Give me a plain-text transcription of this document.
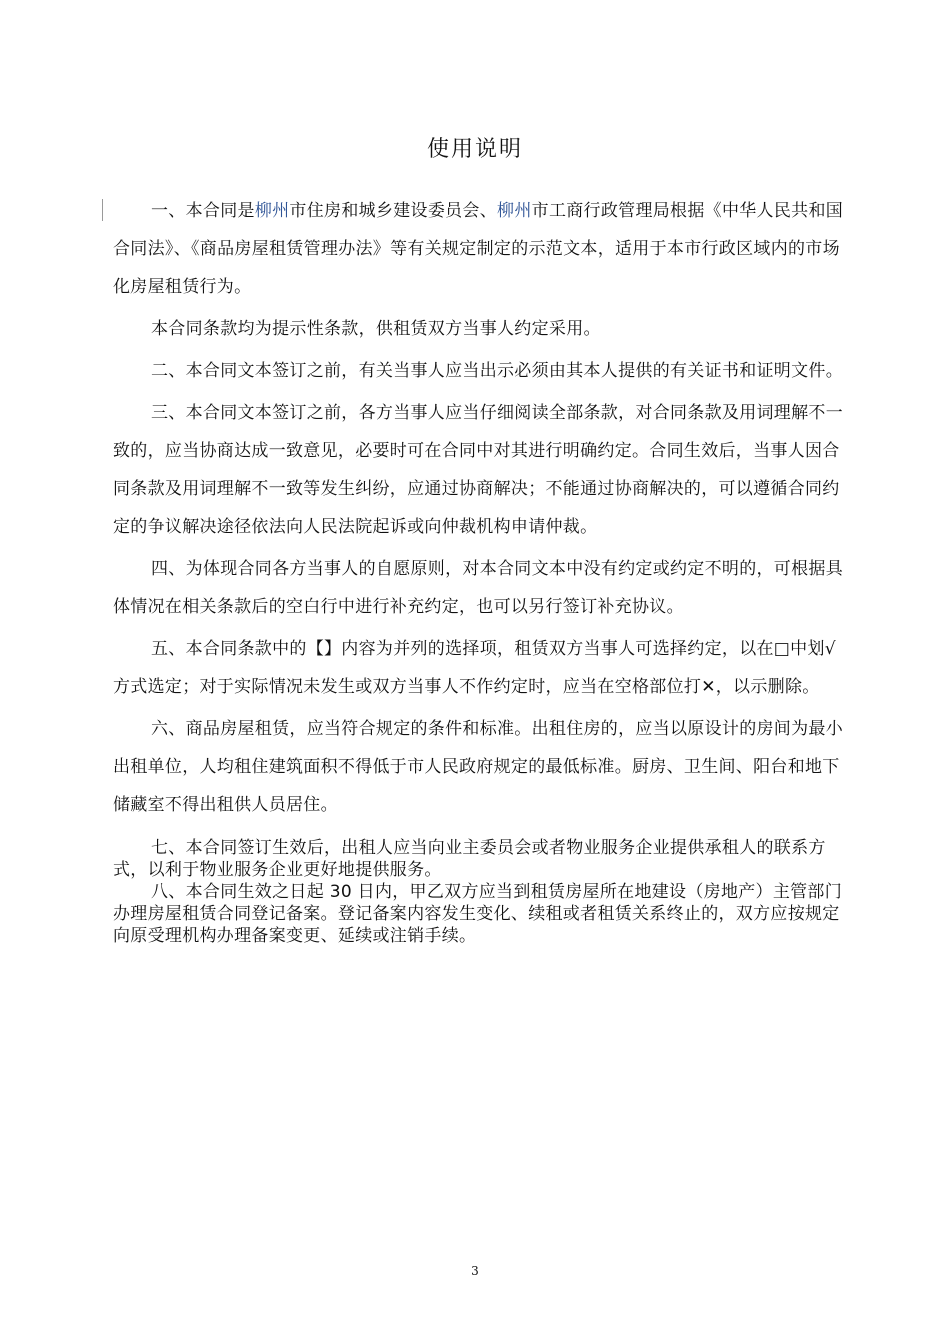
使用说明

一、本合同是柳州市住房和城乡建设委员会、柳州市工商行政管理局根据《中华人民共和国合同法》、《商品房屋租赁管理办法》等有关规定制定的示范文本，适用于本市行政区域内的市场化房屋租赁行为。

本合同条款均为提示性条款，供租赁双方当事人约定采用。

二、本合同文本签订之前，有关当事人应当出示必须由其本人提供的有关证书和证明文件。

三、本合同文本签订之前，各方当事人应当仔细阅读全部条款，对合同条款及用词理解不一致的，应当协商达成一致意见，必要时可在合同中对其进行明确约定。合同生效后，当事人因合同条款及用词理解不一致等发生纠纷，应通过协商解决；不能通过协商解决的，可以遵循合同约定的争议解决途径依法向人民法院起诉或向仲裁机构申请仲裁。

四、为体现合同各方当事人的自愿原则，对本合同文本中没有约定或约定不明的，可根据具体情况在相关条款后的空白行中进行补充约定，也可以另行签订补充协议。

五、本合同条款中的【】内容为并列的选择项，租赁双方当事人可选择约定，以在□中划√方式选定；对于实际情况未发生或双方当事人不作约定时，应当在空格部位打✕，以示删除。

六、商品房屋租赁，应当符合规定的条件和标准。出租住房的，应当以原设计的房间为最小出租单位，人均租住建筑面积不得低于市人民政府规定的最低标准。厨房、卫生间、阳台和地下储藏室不得出租供人员居住。

七、本合同签订生效后，出租人应当向业主委员会或者物业服务企业提供承租人的联系方式，以利于物业服务企业更好地提供服务。

八、本合同生效之日起 30 日内，甲乙双方应当到租赁房屋所在地建设（房地产）主管部门办理房屋租赁合同登记备案。登记备案内容发生变化、续租或者租赁关系终止的，双方应按规定向原受理机构办理备案变更、延续或注销手续。

3
